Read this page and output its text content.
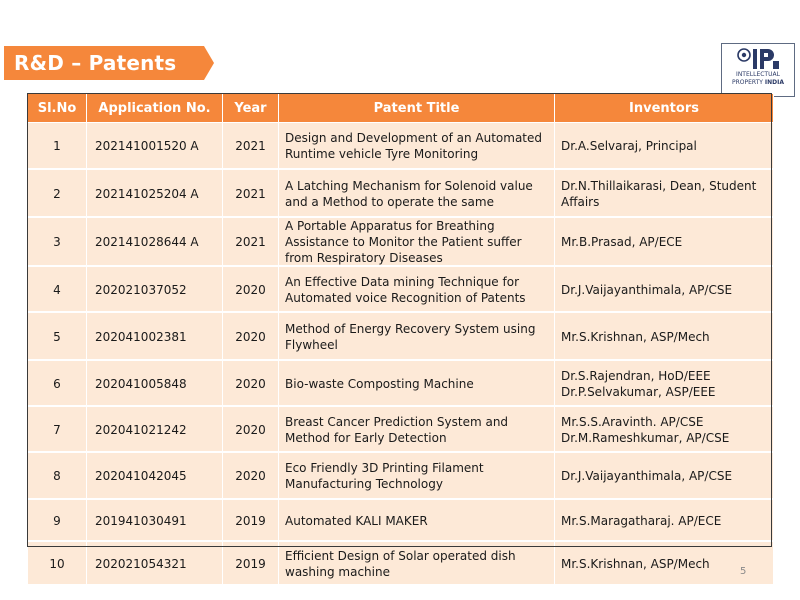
R&D – Patents	INTELLECTUAL
PROPERTY INDIA
Sl.No	Application No.	Year	Patent Title	Inventors
1	202141001520 A	2021	Design and Development of an Automated Runtime vehicle Tyre Monitoring	Dr.A.Selvaraj, Principal
2	202141025204 A	2021	A Latching Mechanism for Solenoid value and a Method to operate the same	Dr.N.Thillaikarasi, Dean, Student Affairs
3	202141028644 A	2021	A Portable Apparatus for Breathing Assistance to Monitor the Patient suffer from Respiratory Diseases	Mr.B.Prasad, AP/ECE
4	202021037052	2020	An Effective Data mining Technique for Automated voice Recognition of Patents	Dr.J.Vaijayanthimala, AP/CSE
5	202041002381	2020	Method of Energy Recovery System using Flywheel	Mr.S.Krishnan, ASP/Mech
6	202041005848	2020	Bio-waste Composting Machine	Dr.S.Rajendran, HoD/EEE
Dr.P.Selvakumar, ASP/EEE
7	202041021242	2020	Breast Cancer Prediction System and Method for Early Detection	Mr.S.S.Aravinth. AP/CSE
Dr.M.Rameshkumar, AP/CSE
8	202041042045	2020	Eco Friendly 3D Printing Filament Manufacturing Technology	Dr.J.Vaijayanthimala, AP/CSE
9	201941030491	2019	Automated KALI MAKER	Mr.S.Maragatharaj. AP/ECE
10	202021054321	2019	Efficient Design of Solar operated dish washing machine	Mr.S.Krishnan, ASP/Mech
5
